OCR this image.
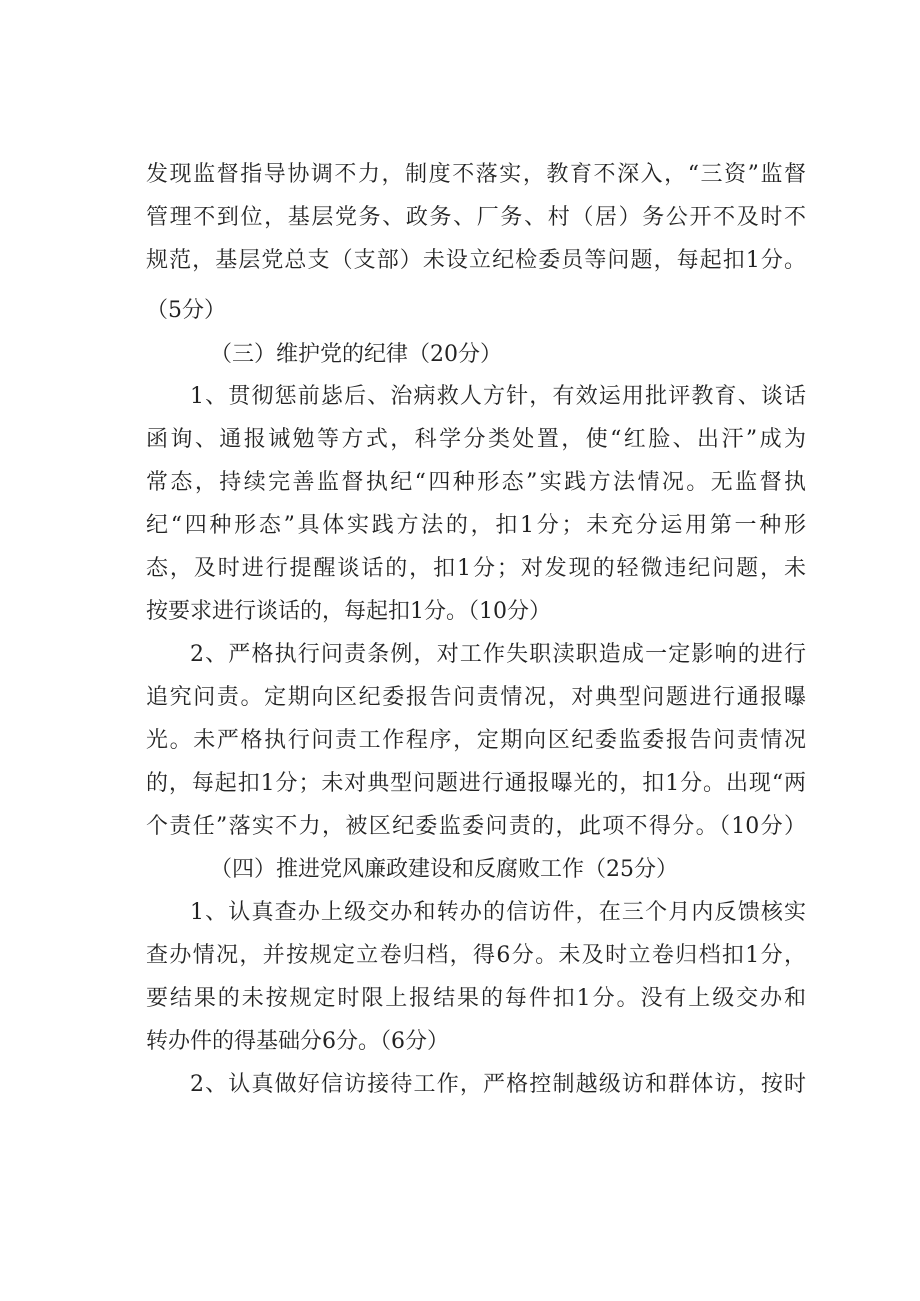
发现监督指导协调不力，制度不落实，教育不深入，“三资”监督
管理不到位，基层党务、政务、厂务、村（居）务公开不及时不
规范，基层党总支（支部）未设立纪检委员等问题，每起扣1分。
（5分）
（三）维护党的纪律（20分）
1、贯彻惩前毖后、治病救人方针，有效运用批评教育、谈话
函询、通报诫勉等方式，科学分类处置，使“红脸、出汗”成为
常态，持续完善监督执纪“四种形态”实践方法情况。无监督执
纪“四种形态”具体实践方法的，扣1分；未充分运用第一种形
态，及时进行提醒谈话的，扣1分；对发现的轻微违纪问题，未
按要求进行谈话的，每起扣1分。（10分）
2、严格执行问责条例，对工作失职渎职造成一定影响的进行
追究问责。定期向区纪委报告问责情况，对典型问题进行通报曝
光。未严格执行问责工作程序，定期向区纪委监委报告问责情况
的，每起扣1分；未对典型问题进行通报曝光的，扣1分。出现“两
个责任”落实不力，被区纪委监委问责的，此项不得分。（10分）
（四）推进党风廉政建设和反腐败工作（25分）
1、认真查办上级交办和转办的信访件，在三个月内反馈核实
查办情况，并按规定立卷归档，得6分。未及时立卷归档扣1分，
要结果的未按规定时限上报结果的每件扣1分。没有上级交办和
转办件的得基础分6分。（6分）
2、认真做好信访接待工作，严格控制越级访和群体访，按时
